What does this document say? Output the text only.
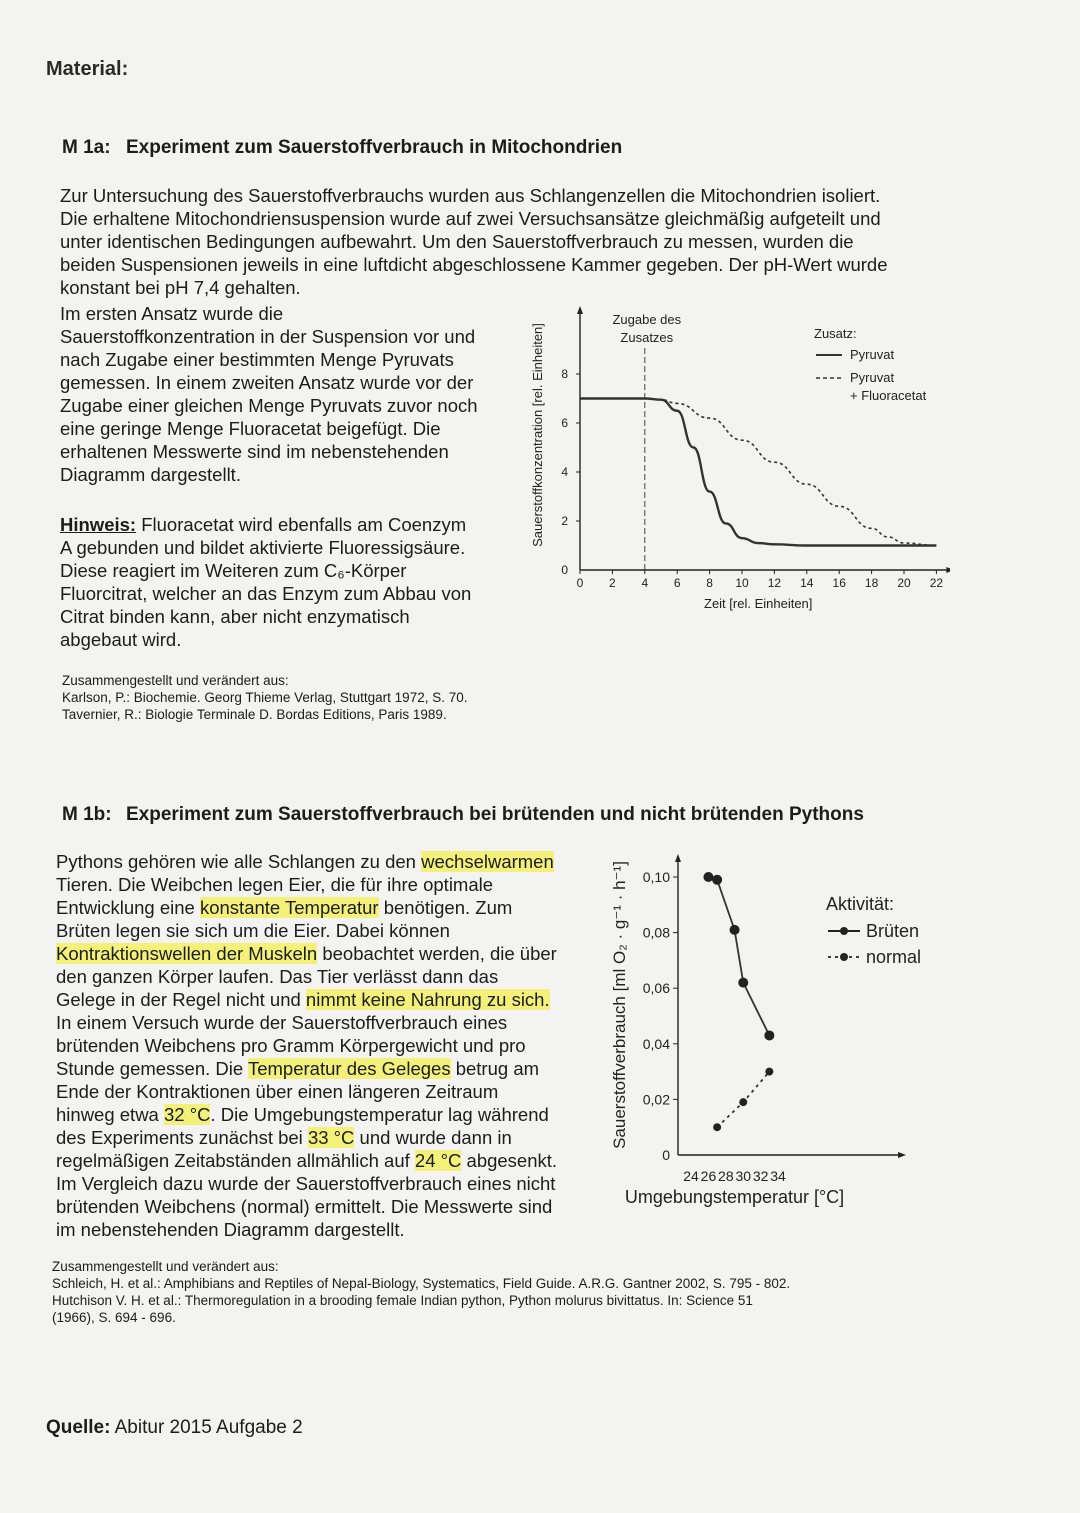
Material:
M 1a: Experiment zum Sauerstoffverbrauch in Mitochondrien

Zur Untersuchung des Sauerstoffverbrauchs wurden aus Schlangenzellen die Mitochondrien isoliert.

Die erhaltene Mitochondriensuspension wurde auf zwei Versuchsansätze gleichmäßig aufgeteilt und

unter identischen Bedingungen aufbewahrt. Um den Sauerstoffverbrauch zu messen, wurden die

beiden Suspensionen jeweils in eine luftdicht abgeschlossene Kammer gegeben. Der pH-Wert wurde

konstant bei pH 7,4 gehalten.

Im ersten Ansatz wurde die

Sauerstoffkonzentration in der Suspension vor und

nach Zugabe einer bestimmten Menge Pyruvats

gemessen. In einem zweiten Ansatz wurde vor der

Zugabe einer gleichen Menge Pyruvats zuvor noch

eine geringe Menge Fluoracetat beigefügt. Die

erhaltenen Messwerte sind im nebenstehenden

Diagramm dargestellt.

Hinweis: Fluoracetat wird ebenfalls am Coenzym

A gebunden und bildet aktivierte Fluoressigsäure.

Diese reagiert im Weiteren zum C₆-Körper

Fluorcitrat, welcher an das Enzym zum Abbau von

Citrat binden kann, aber nicht enzymatisch

abgebaut wird.

Zusammengestellt und verändert aus:

Karlson, P.: Biochemie. Georg Thieme Verlag, Stuttgart 1972, S. 70.

Tavernier, R.: Biologie Terminale D. Bordas Editions, Paris 1989.

0 2 4 6 8 10 12 14 16 18 20 22
0
2
4
6
8
Zeit [rel. Einheiten]
Sauerstoffkonzentration [rel. Einheiten]
Zugabe des
Zusatzes	Zusatz:
Pyruvat
Pyruvat
+ Fluoracetat
M 1b: Experiment zum Sauerstoffverbrauch bei brütenden und nicht brütenden Pythons

Pythons gehören wie alle Schlangen zu den wechselwarmen

Tieren. Die Weibchen legen Eier, die für ihre optimale

Entwicklung eine konstante Temperatur benötigen. Zum

Brüten legen sie sich um die Eier. Dabei können

Kontraktionswellen der Muskeln beobachtet werden, die über

den ganzen Körper laufen. Das Tier verlässt dann das

Gelege in der Regel nicht und nimmt keine Nahrung zu sich.

In einem Versuch wurde der Sauerstoffverbrauch eines

brütenden Weibchens pro Gramm Körpergewicht und pro

Stunde gemessen. Die Temperatur des Geleges betrug am

Ende der Kontraktionen über einen längeren Zeitraum

hinweg etwa 32 °C. Die Umgebungstemperatur lag während

des Experiments zunächst bei 33 °C und wurde dann in

regelmäßigen Zeitabständen allmählich auf 24 °C abgesenkt.

Im Vergleich dazu wurde der Sauerstoffverbrauch eines nicht

brütenden Weibchens (normal) ermittelt. Die Messwerte sind

im nebenstehenden Diagramm dargestellt.

Zusammengestellt und verändert aus:

Schleich, H. et al.: Amphibians and Reptiles of Nepal-Biology, Systematics, Field Guide. A.R.G. Gantner 2002, S. 795 - 802.

Hutchison V. H. et al.: Thermoregulation in a brooding female Indian python, Python molurus bivittatus. In: Science 51

(1966), S. 694 - 696.

24 26 28 30 32 34
0
0,02
0,04
0,06
0,08
0,10
Umgebungstemperatur [°C]
Sauerstoffverbrauch [ml O₂ · g⁻¹ · h⁻¹]	Aktivität:
Brüten
normal
Quelle: Abitur 2015 Aufgabe 2
